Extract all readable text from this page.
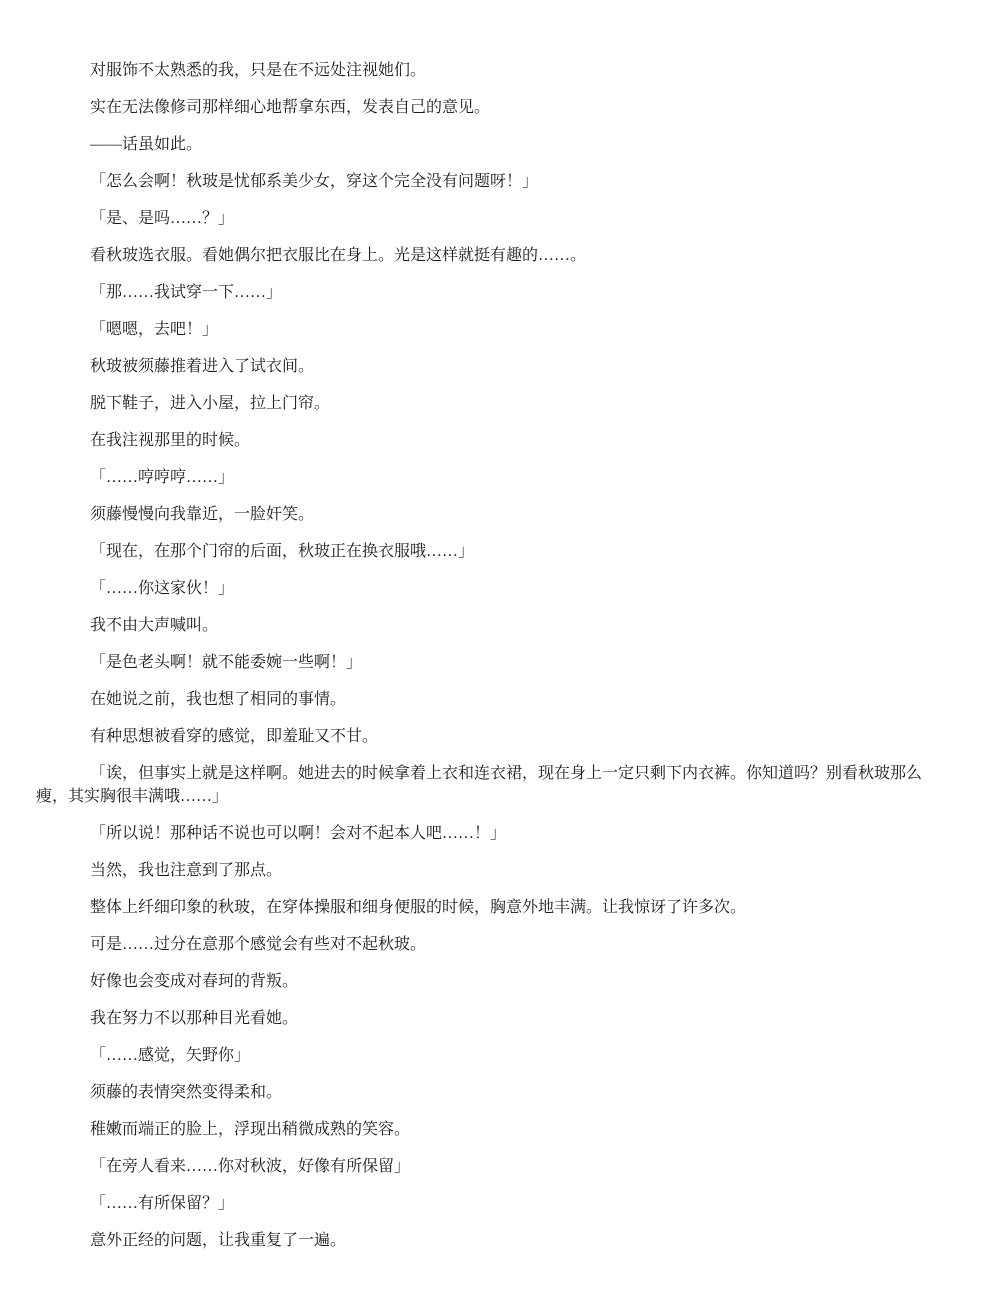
对服饰不太熟悉的我，只是在不远处注视她们。

实在无法像修司那样细心地帮拿东西，发表自己的意见。

——话虽如此。

「怎么会啊！秋玻是忧郁系美少女，穿这个完全没有问题呀！」

「是、是吗……？」

看秋玻选衣服。看她偶尔把衣服比在身上。光是这样就挺有趣的……。

「那……我试穿一下……」

「嗯嗯，去吧！」

秋玻被须藤推着进入了试衣间。

脱下鞋子，进入小屋，拉上门帘。

在我注视那里的时候。

「……哼哼哼……」

须藤慢慢向我靠近，一脸奸笑。

「现在，在那个门帘的后面，秋玻正在换衣服哦……」

「……你这家伙！」

我不由大声喊叫。

「是色老头啊！就不能委婉一些啊！」

在她说之前，我也想了相同的事情。

有种思想被看穿的感觉，即羞耻又不甘。

「诶，但事实上就是这样啊。她进去的时候拿着上衣和连衣裙，现在身上一定只剩下内衣裤。你知道吗？别看秋玻那么瘦，其实胸很丰满哦……」

「所以说！那种话不说也可以啊！会对不起本人吧……！」

当然，我也注意到了那点。

整体上纤细印象的秋玻，在穿体操服和细身便服的时候，胸意外地丰满。让我惊讶了许多次。

可是……过分在意那个感觉会有些对不起秋玻。

好像也会变成对春珂的背叛。

我在努力不以那种目光看她。

「……感觉，矢野你」

须藤的表情突然变得柔和。

稚嫩而端正的脸上，浮现出稍微成熟的笑容。

「在旁人看来……你对秋波，好像有所保留」

「……有所保留？」

意外正经的问题，让我重复了一遍。
